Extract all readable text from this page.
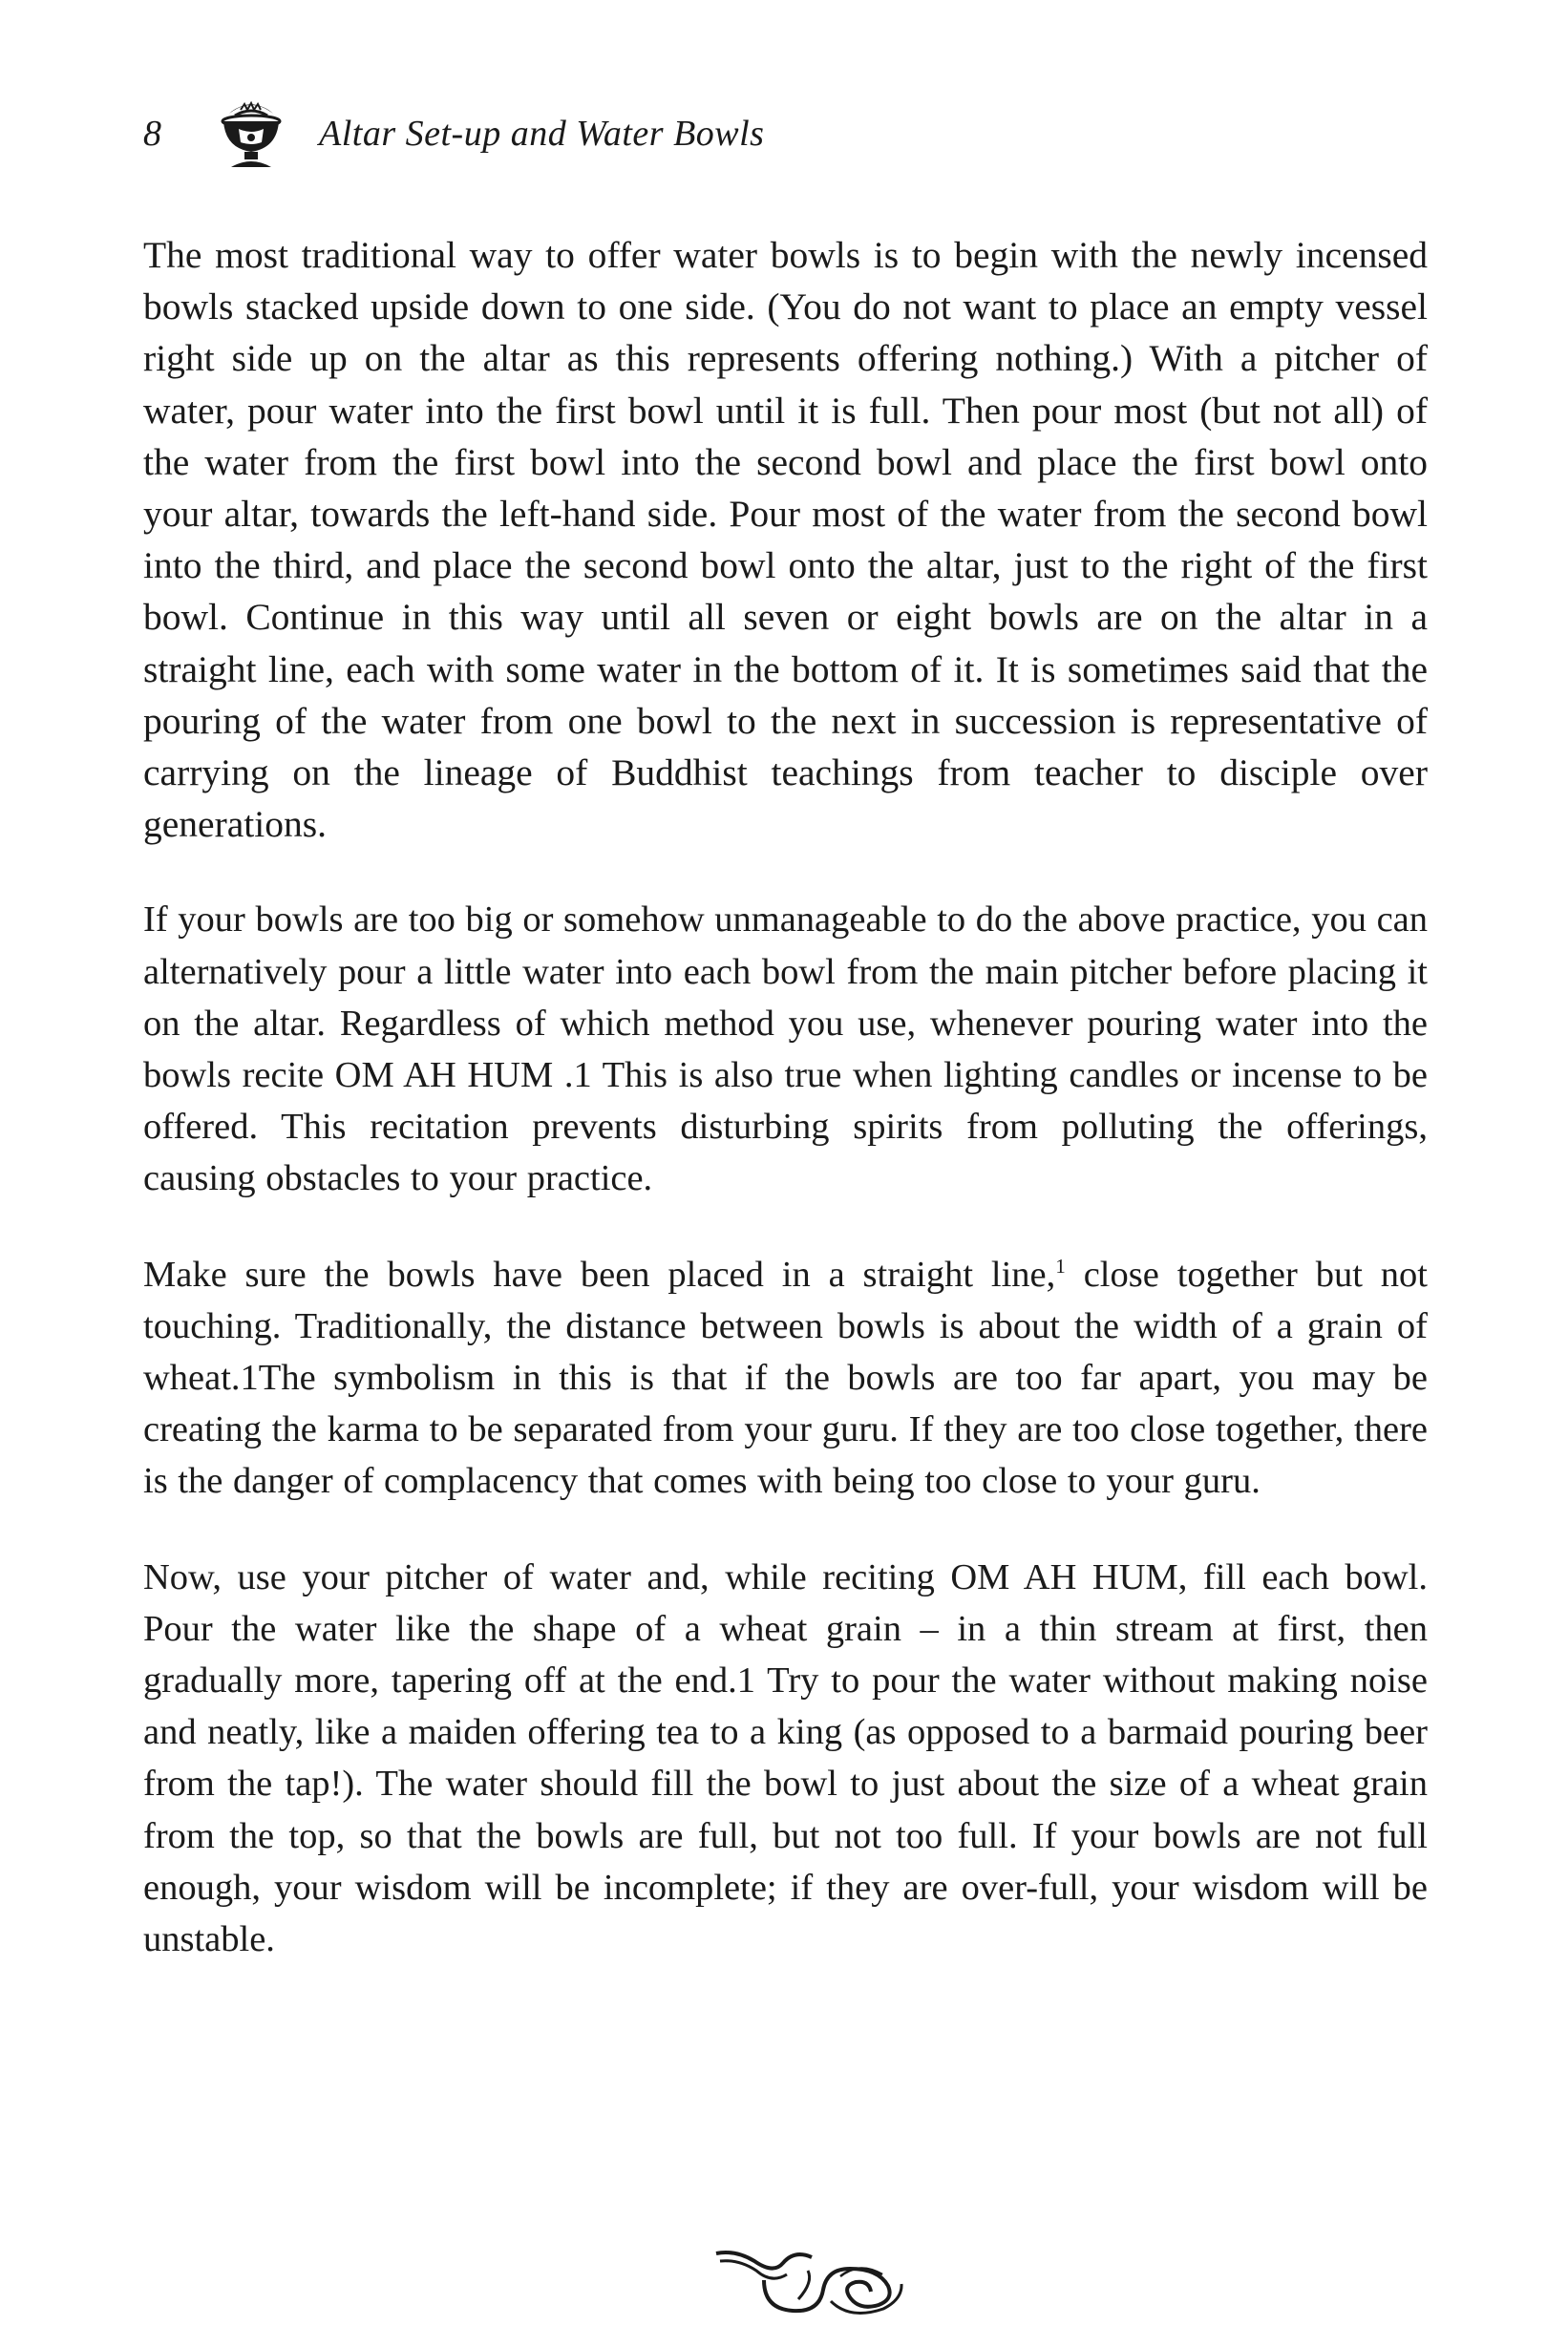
8	Altar Set-up and Water Bowls

The most traditional way to offer water bowls is to begin with the newly incensed bowls stacked upside down to one side. (You do not want to place an empty vessel right side up on the altar as this represents offering nothing.) With a pitcher of water, pour water into the first bowl until it is full. Then pour most (but not all) of the water from the first bowl into the second bowl and place the first bowl onto your altar, towards the left-hand side. Pour most of the water from the second bowl into the third, and place the second bowl onto the altar, just to the right of the first bowl. Continue in this way until all seven or eight bowls are on the altar in a straight line, each with some water in the bottom of it. It is sometimes said that the pouring of the water from one bowl to the next in succession is representative of carrying on the lineage of Buddhist teachings from teacher to disciple over generations.

If your bowls are too big or somehow unmanageable to do the above practice, you can alternatively pour a little water into each bowl from the main pitcher before placing it on the altar. Regardless of which method you use, whenever pouring water into the bowls recite OM AH HUM .1 This is also true when lighting candles or incense to be offered. This recitation prevents disturbing spirits from polluting the offerings, causing obstacles to your practice.

Make sure the bowls have been placed in a straight line,$^1$ close together but not touching. Traditionally, the distance between bowls is about the width of a grain of wheat.1The symbolism in this is that if the bowls are too far apart, you may be creating the karma to be separated from your guru. If they are too close together, there is the danger of complacency that comes with being too close to your guru.

Now, use your pitcher of water and, while reciting OM AH HUM, fill each bowl. Pour the water like the shape of a wheat grain – in a thin stream at first, then gradually more, tapering off at the end.1 Try to pour the water without making noise and neatly, like a maiden offering tea to a king (as opposed to a barmaid pouring beer from the tap!). The water should fill the bowl to just about the size of a wheat grain from the top, so that the bowls are full, but not too full. If your bowls are not full enough, your wisdom will be incomplete; if they are over-full, your wisdom will be unstable.
